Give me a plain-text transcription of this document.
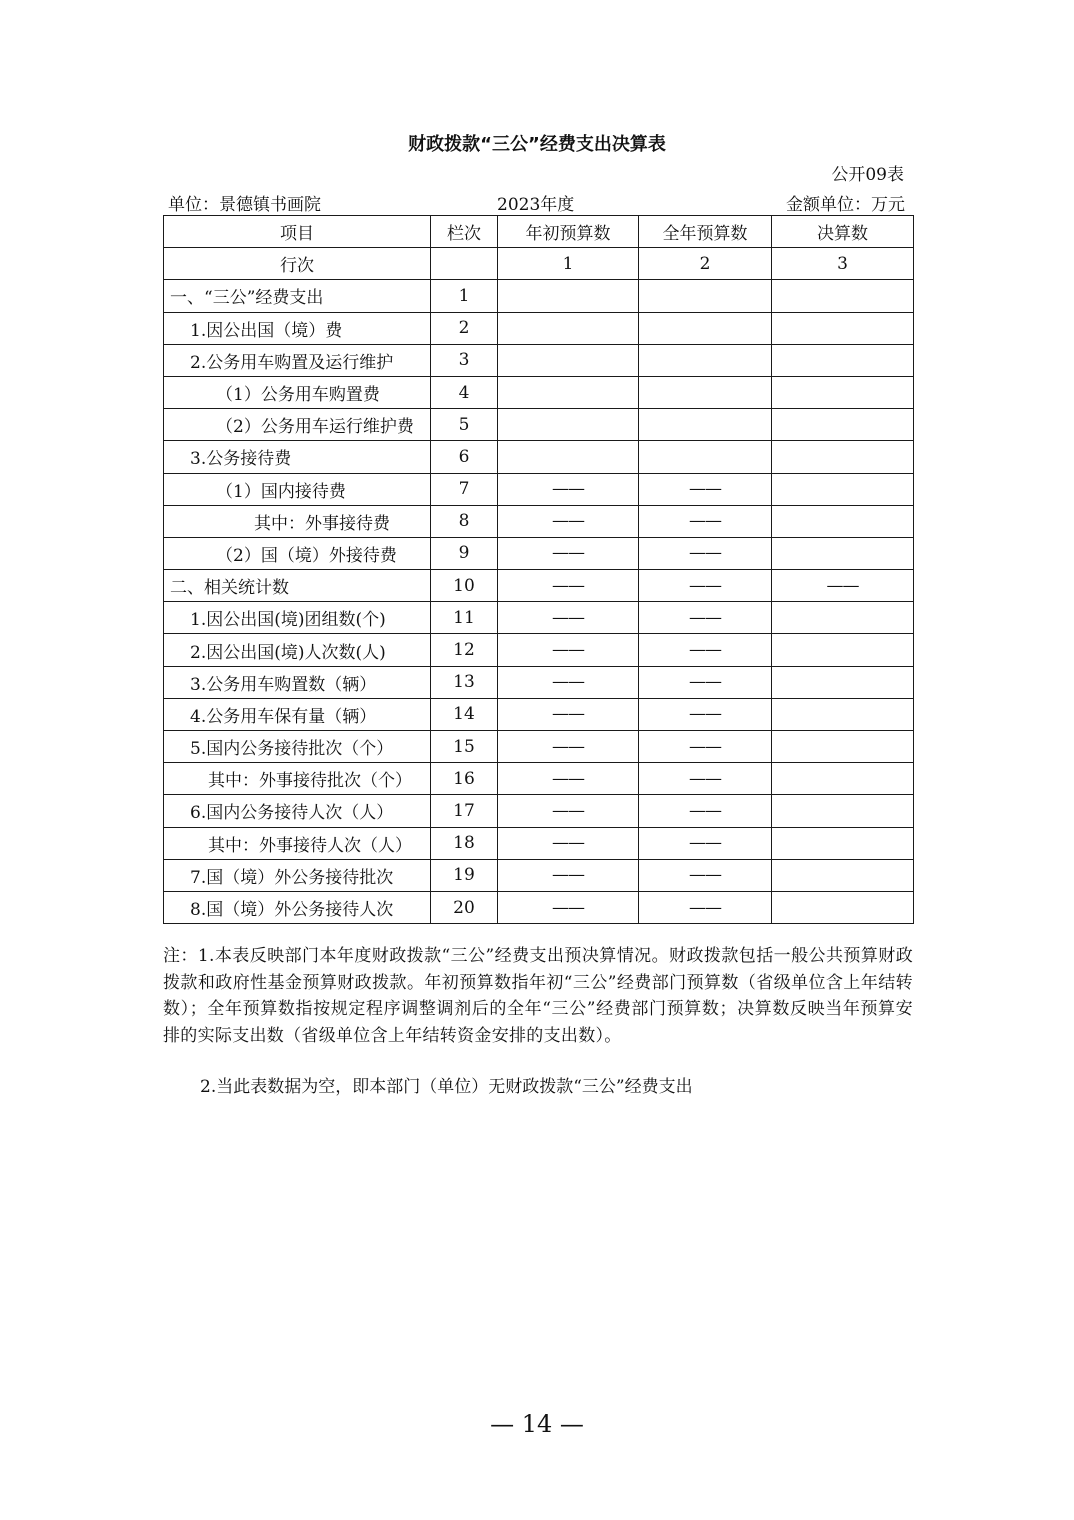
财政拨款“三公”经费支出决算表
公开09表
单位：景德镇书画院	2023年度	金额单位：万元
项目	栏次	年初预算数	全年预算数	决算数
行次		1	2	3
一、“三公”经费支出	1			
1.因公出国（境）费	2			
2.公务用车购置及运行维护	3			
（1）公务用车购置费	4			
（2）公务用车运行维护费	5			
3.公务接待费	6			
（1）国内接待费	7	——	——	
其中：外事接待费	8	——	——	
（2）国（境）外接待费	9	——	——	
二、相关统计数	10	——	——	——
1.因公出国(境)团组数(个)	11	——	——	
2.因公出国(境)人次数(人)	12	——	——	
3.公务用车购置数（辆）	13	——	——	
4.公务用车保有量（辆）	14	——	——	
5.国内公务接待批次（个）	15	——	——	
其中：外事接待批次（个）	16	——	——	
6.国内公务接待人次（人）	17	——	——	
其中：外事接待人次（人）	18	——	——	
7.国（境）外公务接待批次	19	——	——	
8.国（境）外公务接待人次	20	——	——	
注：1.本表反映部门本年度财政拨款“三公”经费支出预决算情况。财政拨款包括一般公共预算财政拨款和政府性基金预算财政拨款。年初预算数指年初“三公”经费部门预算数（省级单位含上年结转数）；全年预算数指按规定程序调整调剂后的全年“三公”经费部门预算数；决算数反映当年预算安排的实际支出数（省级单位含上年结转资金安排的支出数）。
2.当此表数据为空，即本部门（单位）无财政拨款“三公”经费支出
— 14 —
